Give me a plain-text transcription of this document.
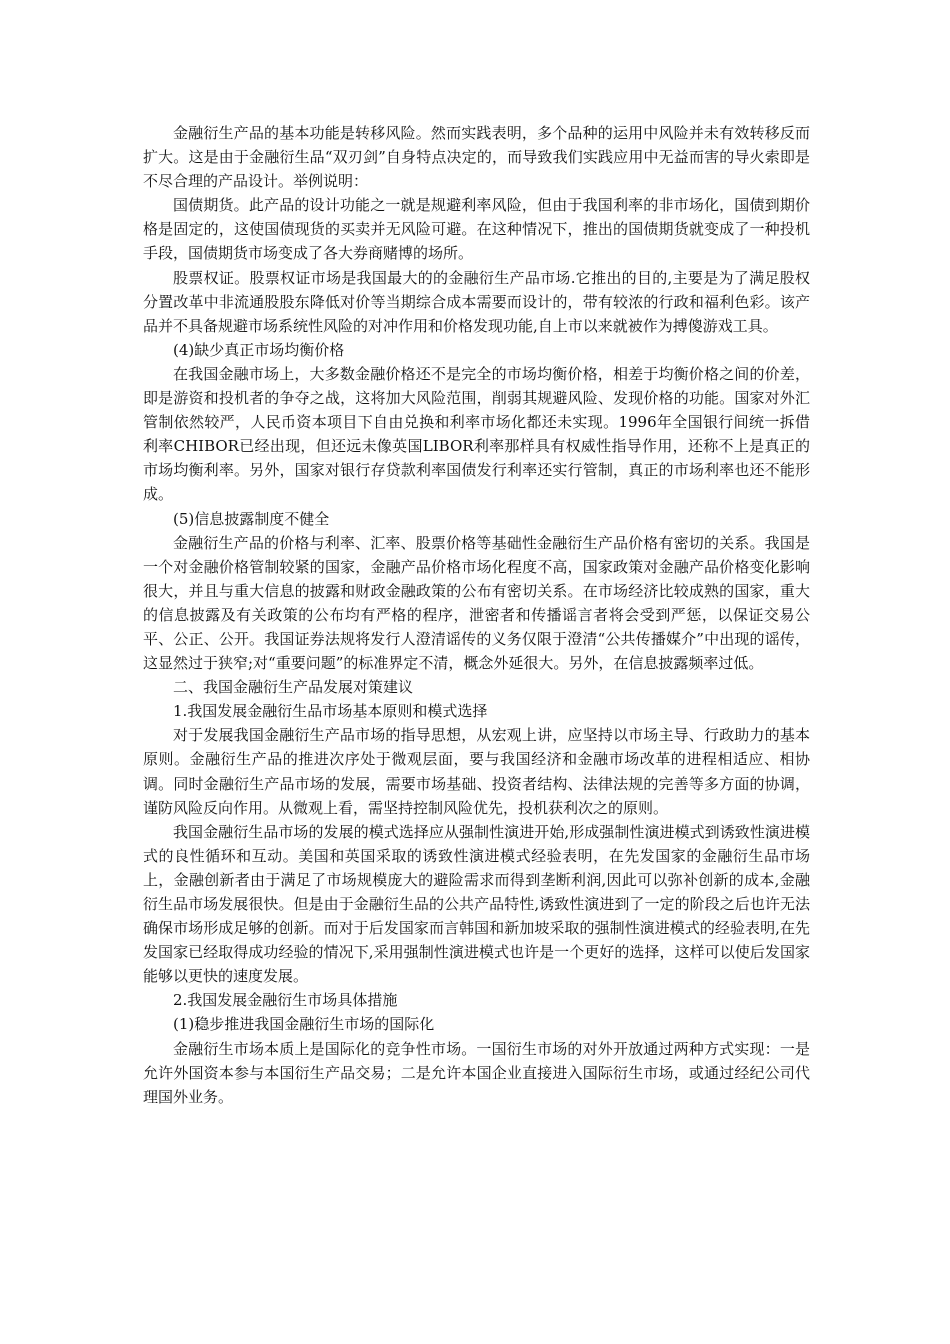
金融衍生产品的基本功能是转移风险。然而实践表明，多个品种的运用中风险并未有效转移反而扩大。这是由于金融衍生品“双刃剑”自身特点决定的，而导致我们实践应用中无益而害的导火索即是不尽合理的产品设计。举例说明：

国债期货。此产品的设计功能之一就是规避利率风险，但由于我国利率的非市场化，国债到期价格是固定的，这使国债现货的买卖并无风险可避。在这种情况下，推出的国债期货就变成了一种投机手段，国债期货市场变成了各大券商赌博的场所。

股票权证。股票权证市场是我国最大的的金融衍生产品市场.它推出的目的,主要是为了满足股权分置改革中非流通股股东降低对价等当期综合成本需要而设计的，带有较浓的行政和福利色彩。该产品并不具备规避市场系统性风险的对冲作用和价格发现功能,自上市以来就被作为搏傻游戏工具。

(4)缺少真正市场均衡价格

在我国金融市场上，大多数金融价格还不是完全的市场均衡价格，相差于均衡价格之间的价差，即是游资和投机者的争夺之战，这将加大风险范围，削弱其规避风险、发现价格的功能。国家对外汇管制依然较严，人民币资本项目下自由兑换和利率市场化都还未实现。1996年全国银行间统一拆借利率CHIBOR已经出现，但还远未像英国LIBOR利率那样具有权威性指导作用，还称不上是真正的市场均衡利率。另外，国家对银行存贷款利率国债发行利率还实行管制，真正的市场利率也还不能形成。

(5)信息披露制度不健全

金融衍生产品的价格与利率、汇率、股票价格等基础性金融衍生产品价格有密切的关系。我国是一个对金融价格管制较紧的国家，金融产品价格市场化程度不高，国家政策对金融产品价格变化影响很大，并且与重大信息的披露和财政金融政策的公布有密切关系。在市场经济比较成熟的国家，重大的信息披露及有关政策的公布均有严格的程序，泄密者和传播谣言者将会受到严惩，以保证交易公平、公正、公开。我国证券法规将发行人澄清谣传的义务仅限于澄清“公共传播媒介”中出现的谣传，这显然过于狭窄;对“重要问题”的标准界定不清，概念外延很大。另外，在信息披露频率过低。

二、我国金融衍生产品发展对策建议

1.我国发展金融衍生品市场基本原则和模式选择

对于发展我国金融衍生产品市场的指导思想，从宏观上讲，应坚持以市场主导、行政助力的基本原则。金融衍生产品的推进次序处于微观层面，要与我国经济和金融市场改革的进程相适应、相协调。同时金融衍生产品市场的发展，需要市场基础、投资者结构、法律法规的完善等多方面的协调，谨防风险反向作用。从微观上看，需坚持控制风险优先，投机获利次之的原则。

我国金融衍生品市场的发展的模式选择应从强制性演进开始,形成强制性演进模式到诱致性演进模式的良性循环和互动。美国和英国采取的诱致性演进模式经验表明，在先发国家的金融衍生品市场上，金融创新者由于满足了市场规模庞大的避险需求而得到垄断利润,因此可以弥补创新的成本,金融衍生品市场发展很快。但是由于金融衍生品的公共产品特性,诱致性演进到了一定的阶段之后也许无法确保市场形成足够的创新。而对于后发国家而言韩国和新加坡采取的强制性演进模式的经验表明,在先发国家已经取得成功经验的情况下,采用强制性演进模式也许是一个更好的选择，这样可以使后发国家能够以更快的速度发展。

2.我国发展金融衍生市场具体措施

(1)稳步推进我国金融衍生市场的国际化

金融衍生市场本质上是国际化的竞争性市场。一国衍生市场的对外开放通过两种方式实现：一是允许外国资本参与本国衍生产品交易；二是允许本国企业直接进入国际衍生市场，或通过经纪公司代理国外业务。
